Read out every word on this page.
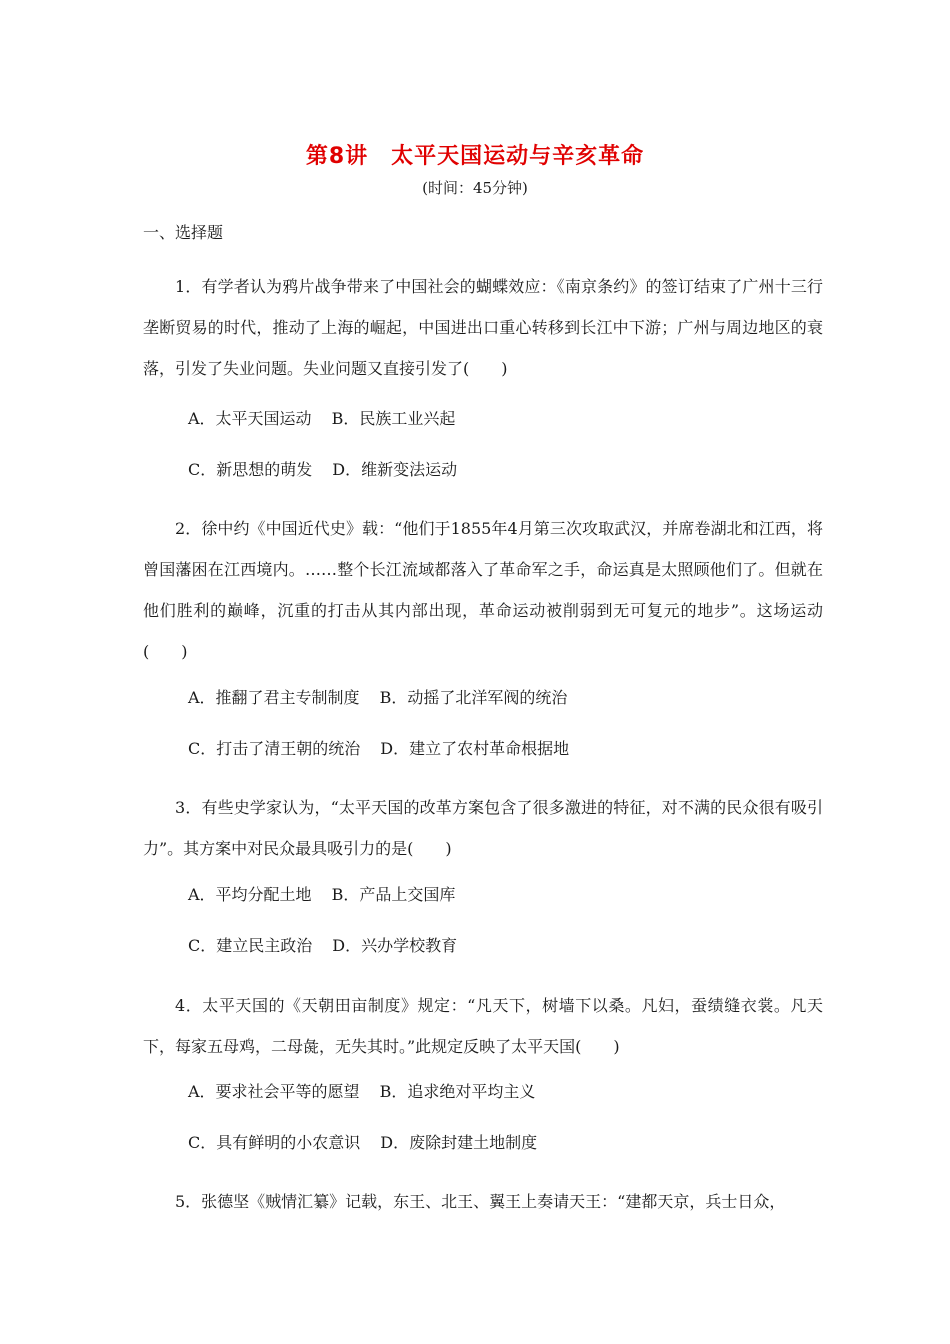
第8讲　太平天国运动与辛亥革命
(时间：45分钟)
一、选择题

1．有学者认为鸦片战争带来了中国社会的蝴蝶效应：《南京条约》的签订结束了广州十三行垄断贸易的时代，推动了上海的崛起，中国进出口重心转移到长江中下游；广州与周边地区的衰落，引发了失业问题。失业问题又直接引发了(　　)

A．太平天国运动 B．民族工业兴起
C．新思想的萌发 D．维新变法运动

2．徐中约《中国近代史》载：“他们于1855年4月第三次攻取武汉，并席卷湖北和江西，将曾国藩困在江西境内。……整个长江流域都落入了革命军之手，命运真是太照顾他们了。但就在他们胜利的巅峰，沉重的打击从其内部出现，革命运动被削弱到无可复元的地步”。这场运动(　　)

A．推翻了君主专制制度 B．动摇了北洋军阀的统治
C．打击了清王朝的统治 D．建立了农村革命根据地

3．有些史学家认为，“太平天国的改革方案包含了很多激进的特征，对不满的民众很有吸引力”。其方案中对民众最具吸引力的是(　　)

A．平均分配土地 B．产品上交国库
C．建立民主政治 D．兴办学校教育

4．太平天国的《天朝田亩制度》规定：“凡天下，树墙下以桑。凡妇，蚕绩缝衣裳。凡天下，每家五母鸡，二母彘，无失其时。”此规定反映了太平天国(　　)

A．要求社会平等的愿望 B．追求绝对平均主义
C．具有鲜明的小农意识 D．废除封建土地制度

5．张德坚《贼情汇纂》记载，东王、北王、翼王上奏请天王：“建都天京，兵士日众，
